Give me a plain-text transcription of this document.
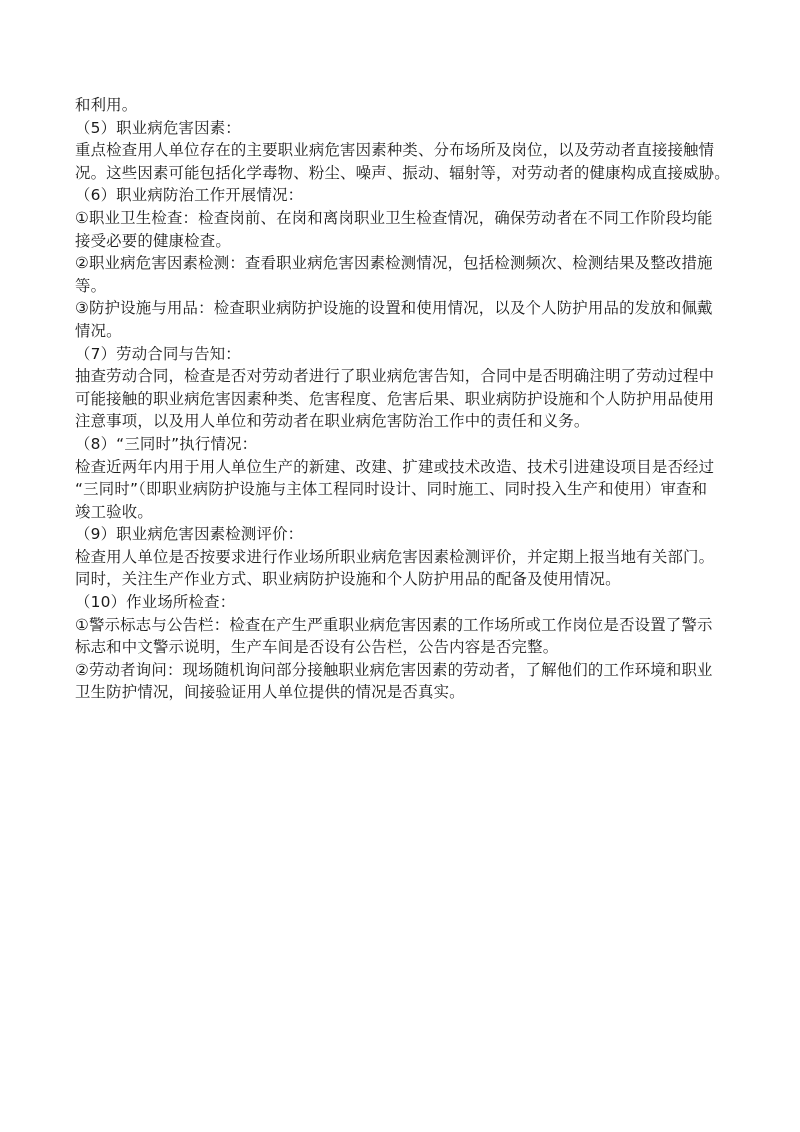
和利用。
（5）职业病危害因素：
重点检查用人单位存在的主要职业病危害因素种类、分布场所及岗位，以及劳动者直接接触情
况。这些因素可能包括化学毒物、粉尘、噪声、振动、辐射等，对劳动者的健康构成直接威胁。
（6）职业病防治工作开展情况：
①职业卫生检查：检查岗前、在岗和离岗职业卫生检查情况，确保劳动者在不同工作阶段均能
接受必要的健康检查。
②职业病危害因素检测：查看职业病危害因素检测情况，包括检测频次、检测结果及整改措施
等。
③防护设施与用品：检查职业病防护设施的设置和使用情况，以及个人防护用品的发放和佩戴
情况。
（7）劳动合同与告知：
抽查劳动合同，检查是否对劳动者进行了职业病危害告知，合同中是否明确注明了劳动过程中
可能接触的职业病危害因素种类、危害程度、危害后果、职业病防护设施和个人防护用品使用
注意事项，以及用人单位和劳动者在职业病危害防治工作中的责任和义务。
（8）“三同时”执行情况：
检查近两年内用于用人单位生产的新建、改建、扩建或技术改造、技术引进建设项目是否经过
“三同时”（即职业病防护设施与主体工程同时设计、同时施工、同时投入生产和使用）审查和
竣工验收。
（9）职业病危害因素检测评价：
检查用人单位是否按要求进行作业场所职业病危害因素检测评价，并定期上报当地有关部门。
同时，关注生产作业方式、职业病防护设施和个人防护用品的配备及使用情况。
（10）作业场所检查：
①警示标志与公告栏：检查在产生严重职业病危害因素的工作场所或工作岗位是否设置了警示
标志和中文警示说明，生产车间是否设有公告栏，公告内容是否完整。
②劳动者询问：现场随机询问部分接触职业病危害因素的劳动者，了解他们的工作环境和职业
卫生防护情况，间接验证用人单位提供的情况是否真实。
